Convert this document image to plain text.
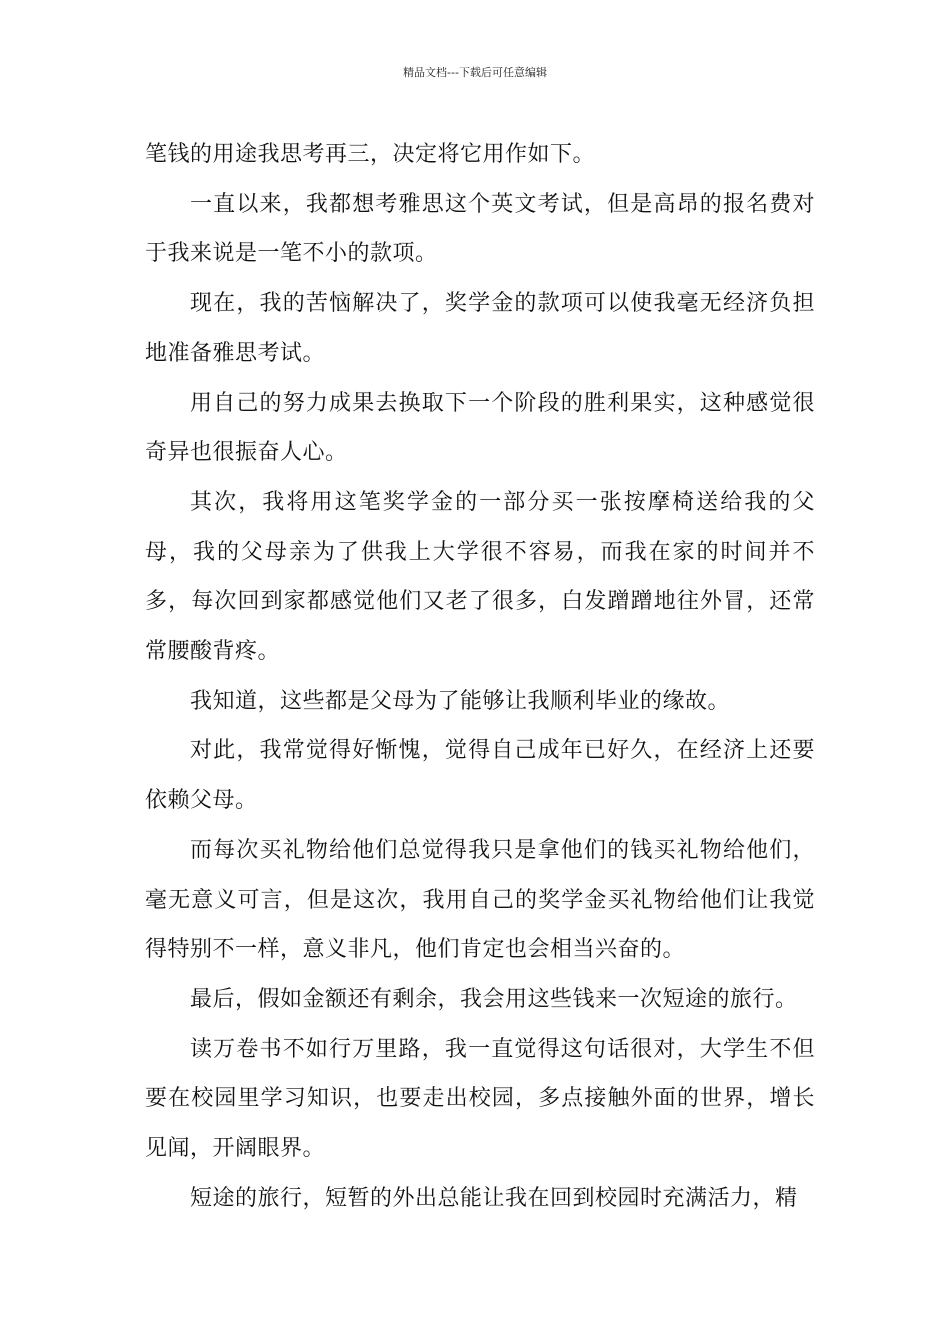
精品文档---下载后可任意编辑

笔钱的用途我思考再三，决定将它用作如下。

一直以来，我都想考雅思这个英文考试，但是高昂的报名费对于我来说是一笔不小的款项。

现在，我的苦恼解决了，奖学金的款项可以使我毫无经济负担地准备雅思考试。

用自己的努力成果去换取下一个阶段的胜利果实，这种感觉很奇异也很振奋人心。

其次，我将用这笔奖学金的一部分买一张按摩椅送给我的父母，我的父母亲为了供我上大学很不容易，而我在家的时间并不多，每次回到家都感觉他们又老了很多，白发蹭蹭地往外冒，还常常腰酸背疼。

我知道，这些都是父母为了能够让我顺利毕业的缘故。

对此，我常觉得好惭愧，觉得自己成年已好久，在经济上还要依赖父母。

而每次买礼物给他们总觉得我只是拿他们的钱买礼物给他们，毫无意义可言，但是这次，我用自己的奖学金买礼物给他们让我觉得特别不一样，意义非凡，他们肯定也会相当兴奋的。

最后，假如金额还有剩余，我会用这些钱来一次短途的旅行。

读万卷书不如行万里路，我一直觉得这句话很对，大学生不但要在校园里学习知识，也要走出校园，多点接触外面的世界，增长见闻，开阔眼界。

短途的旅行，短暂的外出总能让我在回到校园时充满活力，精
